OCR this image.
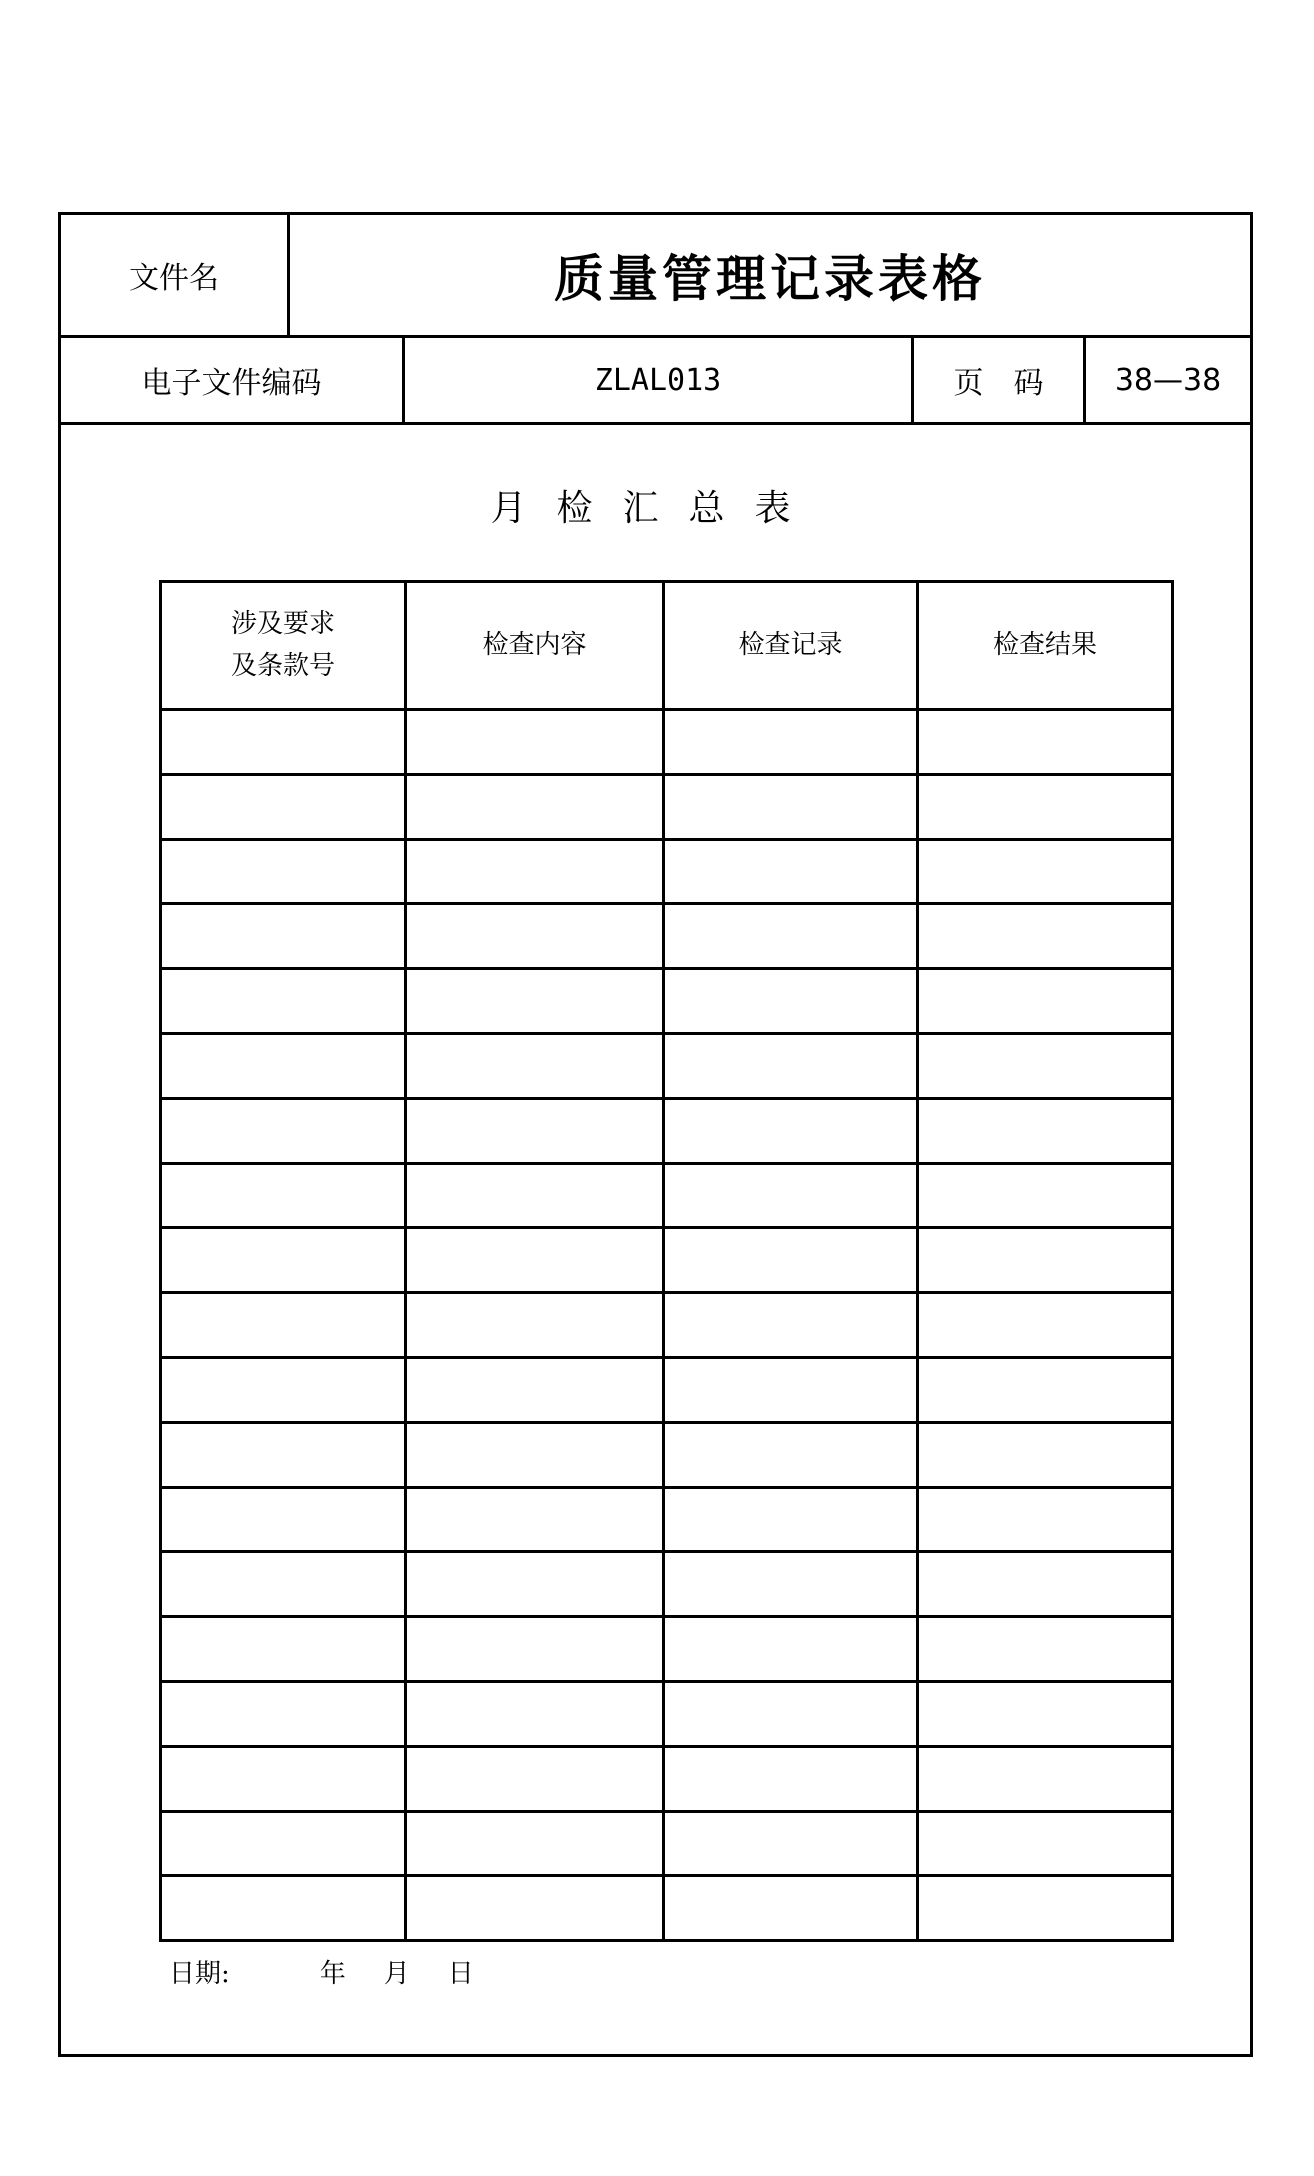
文件名	质量管理记录表格
电子文件编码	ZLAL013	页　码	38—38
月检汇总表
涉及要求
及条款号	检查内容	检查记录	检查结果

日期:	年 月 日
